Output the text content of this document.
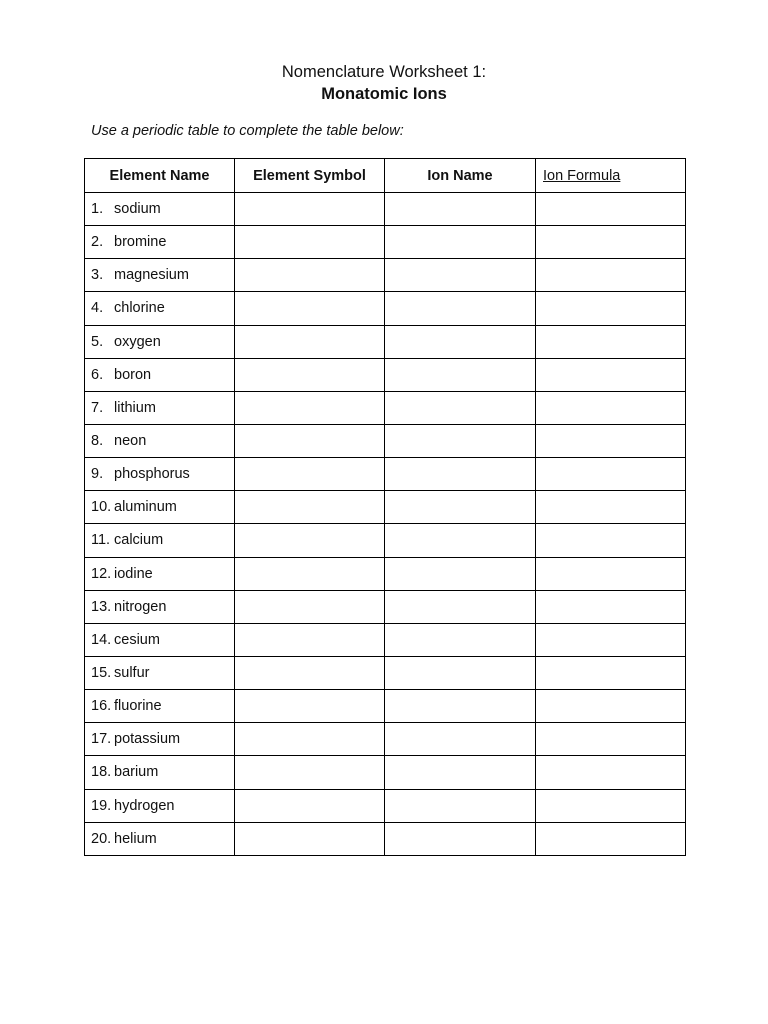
Nomenclature Worksheet 1:
Monatomic Ions
Use a periodic table to complete the table below:
Element Name	Element Symbol	Ion Name	Ion Formula

1. sodium			

2. bromine			

3. magnesium			

4. chlorine			

5. oxygen			

6. boron			

7. lithium			

8. neon			

9. phosphorus			

10. aluminum			

11. calcium			

12. iodine			

13. nitrogen			

14. cesium			

15. sulfur			

16. fluorine			

17. potassium			

18. barium			

19. hydrogen			

20. helium			
